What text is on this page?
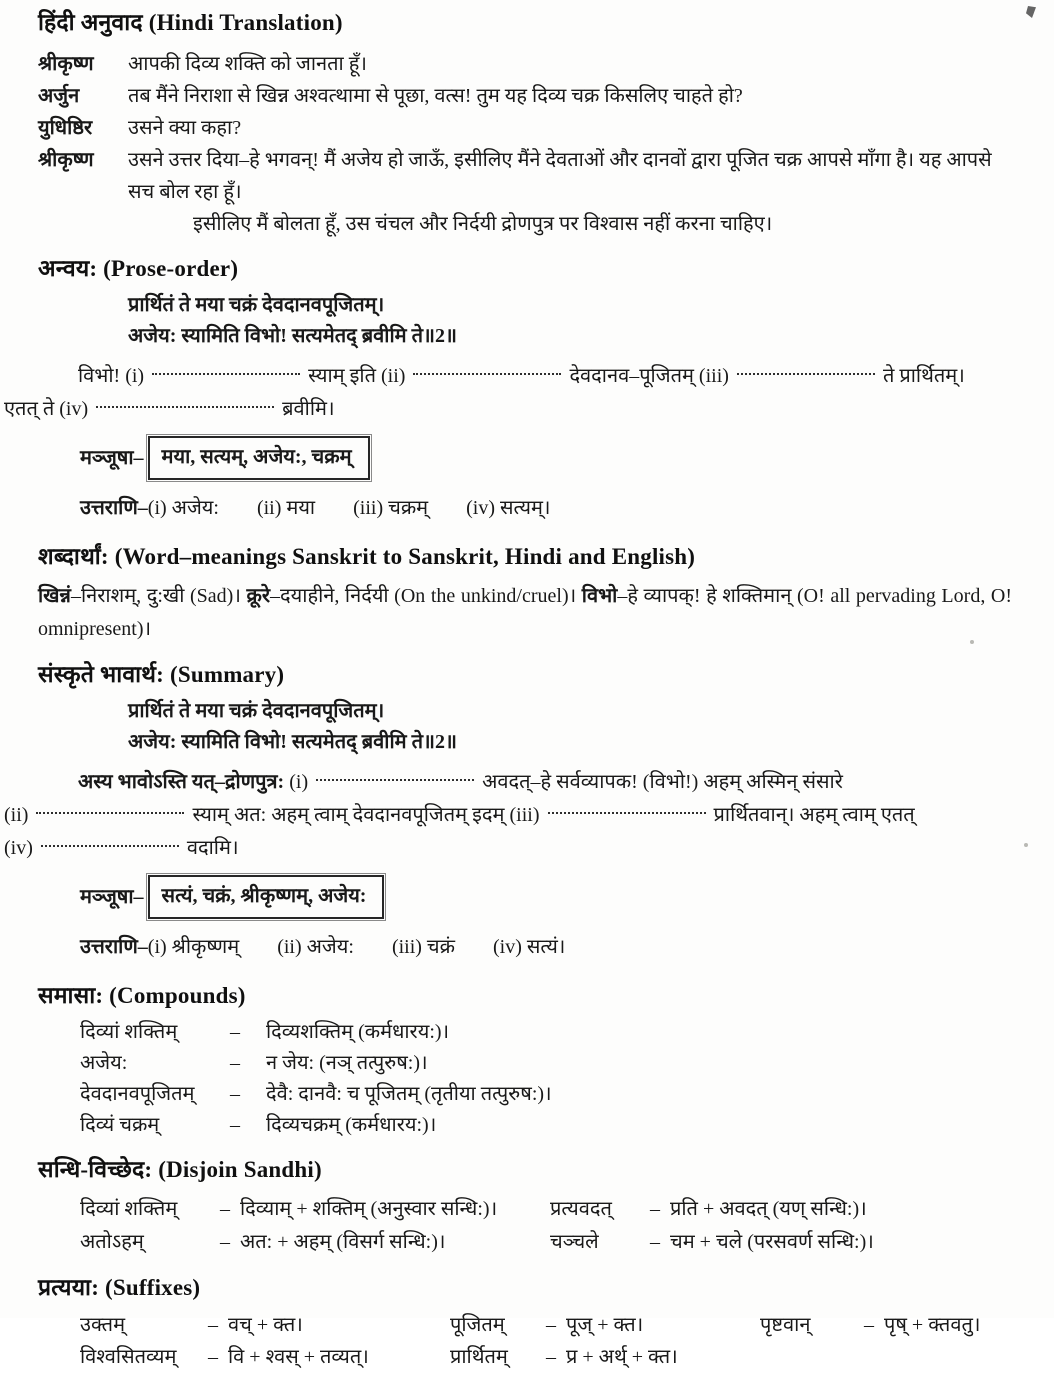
हिंदी अनुवाद (Hindi Translation)
श्रीकृष्ण	आपकी दिव्य शक्ति को जानता हूँ।
अर्जुन	तब मैंने निराशा से खिन्न अश्वत्थामा से पूछा, वत्स! तुम यह दिव्य चक्र किसलिए चाहते हो?
युधिष्ठिर	उसने क्या कहा?
श्रीकृष्ण	उसने उत्तर दिया–हे भगवन्! मैं अजेय हो जाऊँ, इसीलिए मैंने देवताओं और दानवों द्वारा पूजित चक्र आपसे माँगा है। यह आपसे सच बोल रहा हूँ।
इसीलिए मैं बोलता हूँ, उस चंचल और निर्दयी द्रोणपुत्र पर विश्वास नहीं करना चाहिए।
अन्वय: (Prose-order)
प्रार्थितं ते मया चक्रं देवदानवपूजितम्।
अजेय: स्यामिति विभो! सत्यमेतद् ब्रवीमि ते॥2॥
विभो! (i)	स्याम् इति (ii)	देवदानव–पूजितम् (iii)	ते प्रार्थितम्।
एतत् ते (iv)	ब्रवीमि।
मञ्जूषा– मया, सत्यम्, अजेय:, चक्रम्
उत्तराणि–(i) अजेय: (ii) मया (iii) चक्रम् (iv) सत्यम्।
शब्दार्थां: (Word–meanings Sanskrit to Sanskrit, Hindi and English)

खिन्नं–निराशम्, दु:खी (Sad)। क्रूरे–दयाहीने, निर्दयी (On the unkind/cruel)। विभो–हे व्यापक्! हे शक्तिमान् (O! all pervading Lord, O! omnipresent)।

संस्कृते भावार्थ: (Summary)
प्रार्थितं ते मया चक्रं देवदानवपूजितम्।
अजेय: स्यामिति विभो! सत्यमेतद् ब्रवीमि ते॥2॥
अस्य भावोऽस्ति यत्–द्रोणपुत्र: (i)	अवदत्–हे सर्वव्यापक! (विभो!) अहम् अस्मिन् संसारे
(ii)	स्याम् अत: अहम् त्वाम् देवदानवपूजितम् इदम् (iii)	प्रार्थितवान्। अहम् त्वाम् एतत्
(iv)	वदामि।
मञ्जूषा– सत्यं, चक्रं, श्रीकृष्णम्, अजेय:
उत्तराणि–(i) श्रीकृष्णम् (ii) अजेय: (iii) चक्रं (iv) सत्यं।
समासा: (Compounds)
दिव्यां शक्तिम्	–	दिव्यशक्तिम् (कर्मधारय:)।
अजेय:	–	न जेय: (नञ् तत्पुरुष:)।
देवदानवपूजितम्	–	देवै: दानवै: च पूजितम् (तृतीया तत्पुरुष:)।
दिव्यं चक्रम्	–	दिव्यचक्रम् (कर्मधारय:)।
सन्धि-विच्छेद: (Disjoin Sandhi)
दिव्यां शक्तिम् – दिव्याम् + शक्तिम् (अनुस्वार सन्धि:)।	प्रत्यवदत् – प्रति + अवदत् (यण् सन्धि:)।
अतोऽहम्	– अत: + अहम् (विसर्ग सन्धि:)।	चञ्चले	– चम + चले (परसवर्ण सन्धि:)।
प्रत्यया: (Suffixes)
उक्तम्	– वच् + क्त।	पूजितम् – पूज् + क्त।	पृष्टवान्	– पृष् + क्तवतु।
विश्वसितव्यम् – वि + श्वस् + तव्यत्।	प्रार्थितम् – प्र + अर्थ् + क्त।
